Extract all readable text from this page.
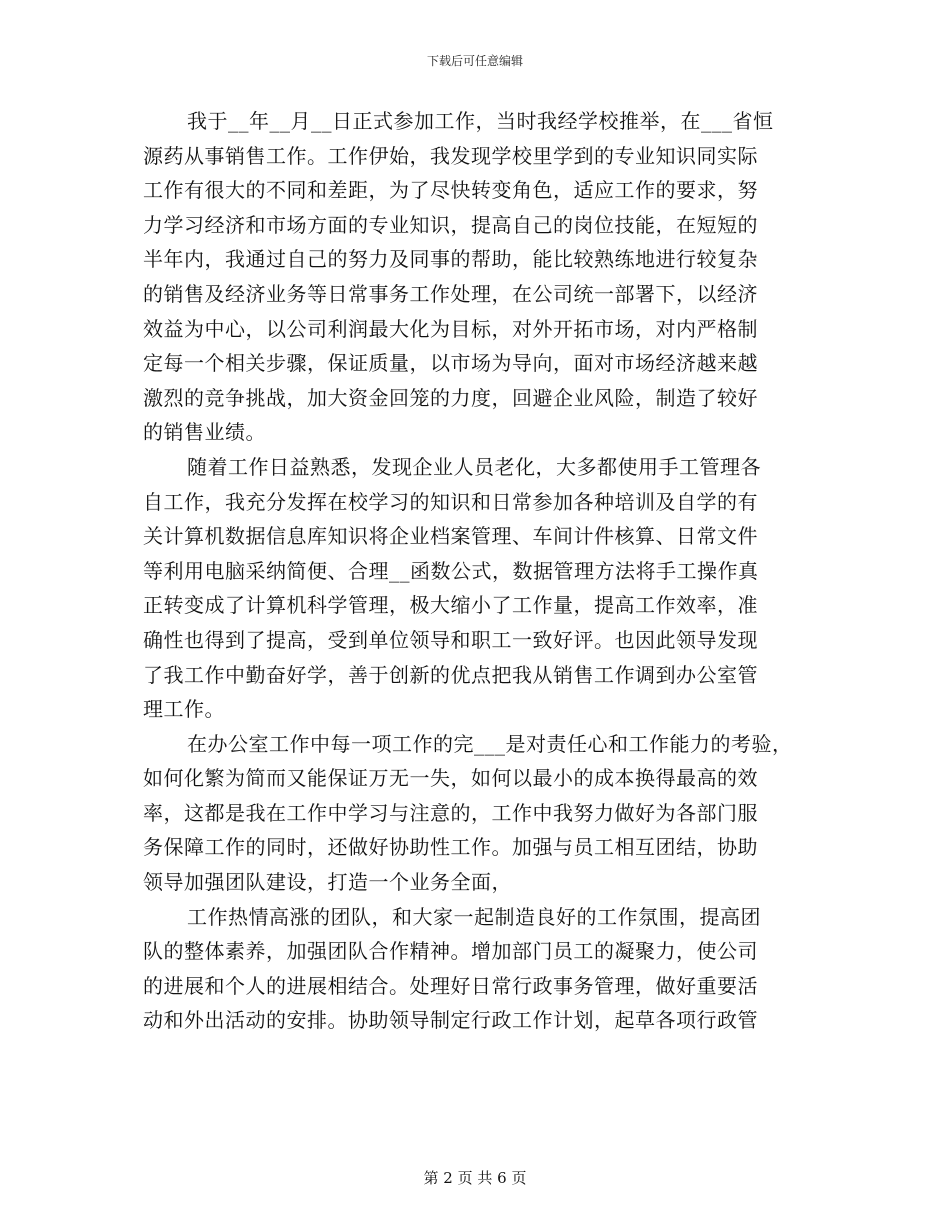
下载后可任意编辑
我于__年__月__日正式参加工作，当时我经学校推举，在___省恒
源药从事销售工作。工作伊始，我发现学校里学到的专业知识同实际
工作有很大的不同和差距，为了尽快转变角色，适应工作的要求，努
力学习经济和市场方面的专业知识，提高自己的岗位技能，在短短的
半年内，我通过自己的努力及同事的帮助，能比较熟练地进行较复杂
的销售及经济业务等日常事务工作处理，在公司统一部署下，以经济
效益为中心，以公司利润最大化为目标，对外开拓市场，对内严格制
定每一个相关步骤，保证质量，以市场为导向，面对市场经济越来越
激烈的竞争挑战，加大资金回笼的力度，回避企业风险，制造了较好
的销售业绩。
随着工作日益熟悉，发现企业人员老化，大多都使用手工管理各
自工作，我充分发挥在校学习的知识和日常参加各种培训及自学的有
关计算机数据信息库知识将企业档案管理、车间计件核算、日常文件
等利用电脑采纳简便、合理__函数公式，数据管理方法将手工操作真
正转变成了计算机科学管理，极大缩小了工作量，提高工作效率，准
确性也得到了提高，受到单位领导和职工一致好评。也因此领导发现
了我工作中勤奋好学，善于创新的优点把我从销售工作调到办公室管
理工作。
在办公室工作中每一项工作的完___是对责任心和工作能力的考验，
如何化繁为简而又能保证万无一失，如何以最小的成本换得最高的效
率，这都是我在工作中学习与注意的，工作中我努力做好为各部门服
务保障工作的同时，还做好协助性工作。加强与员工相互团结，协助
领导加强团队建设，打造一个业务全面，
工作热情高涨的团队，和大家一起制造良好的工作氛围，提高团
队的整体素养，加强团队合作精神。增加部门员工的凝聚力，使公司
的进展和个人的进展相结合。处理好日常行政事务管理，做好重要活
动和外出活动的安排。协助领导制定行政工作计划，起草各项行政管
第 2 页 共 6 页
